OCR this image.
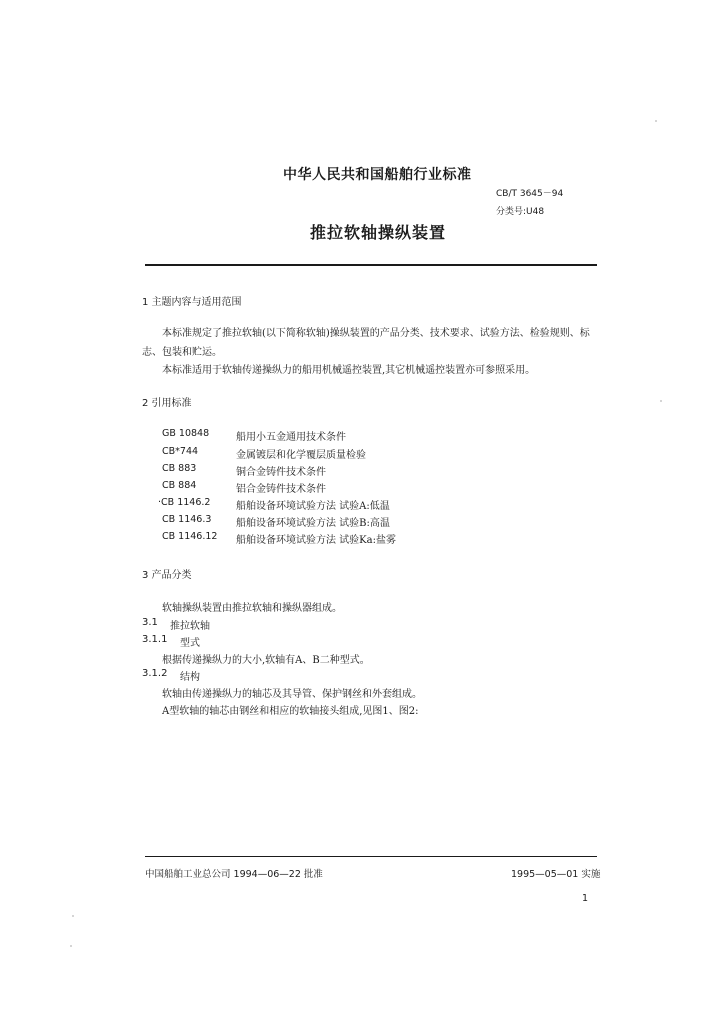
中华人民共和国船舶行业标准
CB/T 3645－94
分类号:U48
推拉软轴操纵装置
1 主题内容与适用范围
本标准规定了推拉软轴(以下简称软轴)操纵装置的产品分类、技术要求、试验方法、检验规则、标
志、包装和贮运。
本标准适用于软轴传递操纵力的船用机械遥控装置,其它机械遥控装置亦可参照采用。
2 引用标准
GB 10848	船用小五金通用技术条件
CB*744	金属镀层和化学覆层质量检验
CB 883	铜合金铸件技术条件
CB 884	铝合金铸件技术条件
·CB 1146.2	船舶设备环境试验方法 试验A:低温
CB 1146.3 船舶设备环境试验方法 试验B:高温
CB 1146.12 船舶设备环境试验方法 试验Ka:盐雾
3 产品分类
软轴操纵装置由推拉软轴和操纵器组成。
3.1 推拉软轴
3.1.1 型式
根据传递操纵力的大小,软轴有A、B二种型式。
3.1.2 结构
软轴由传递操纵力的轴芯及其导管、保护钢丝和外套组成。
A型软轴的轴芯由钢丝和相应的软轴接头组成,见图1、图2:
中国船舶工业总公司 1994—06—22 批准	1995—05—01 实施
1
